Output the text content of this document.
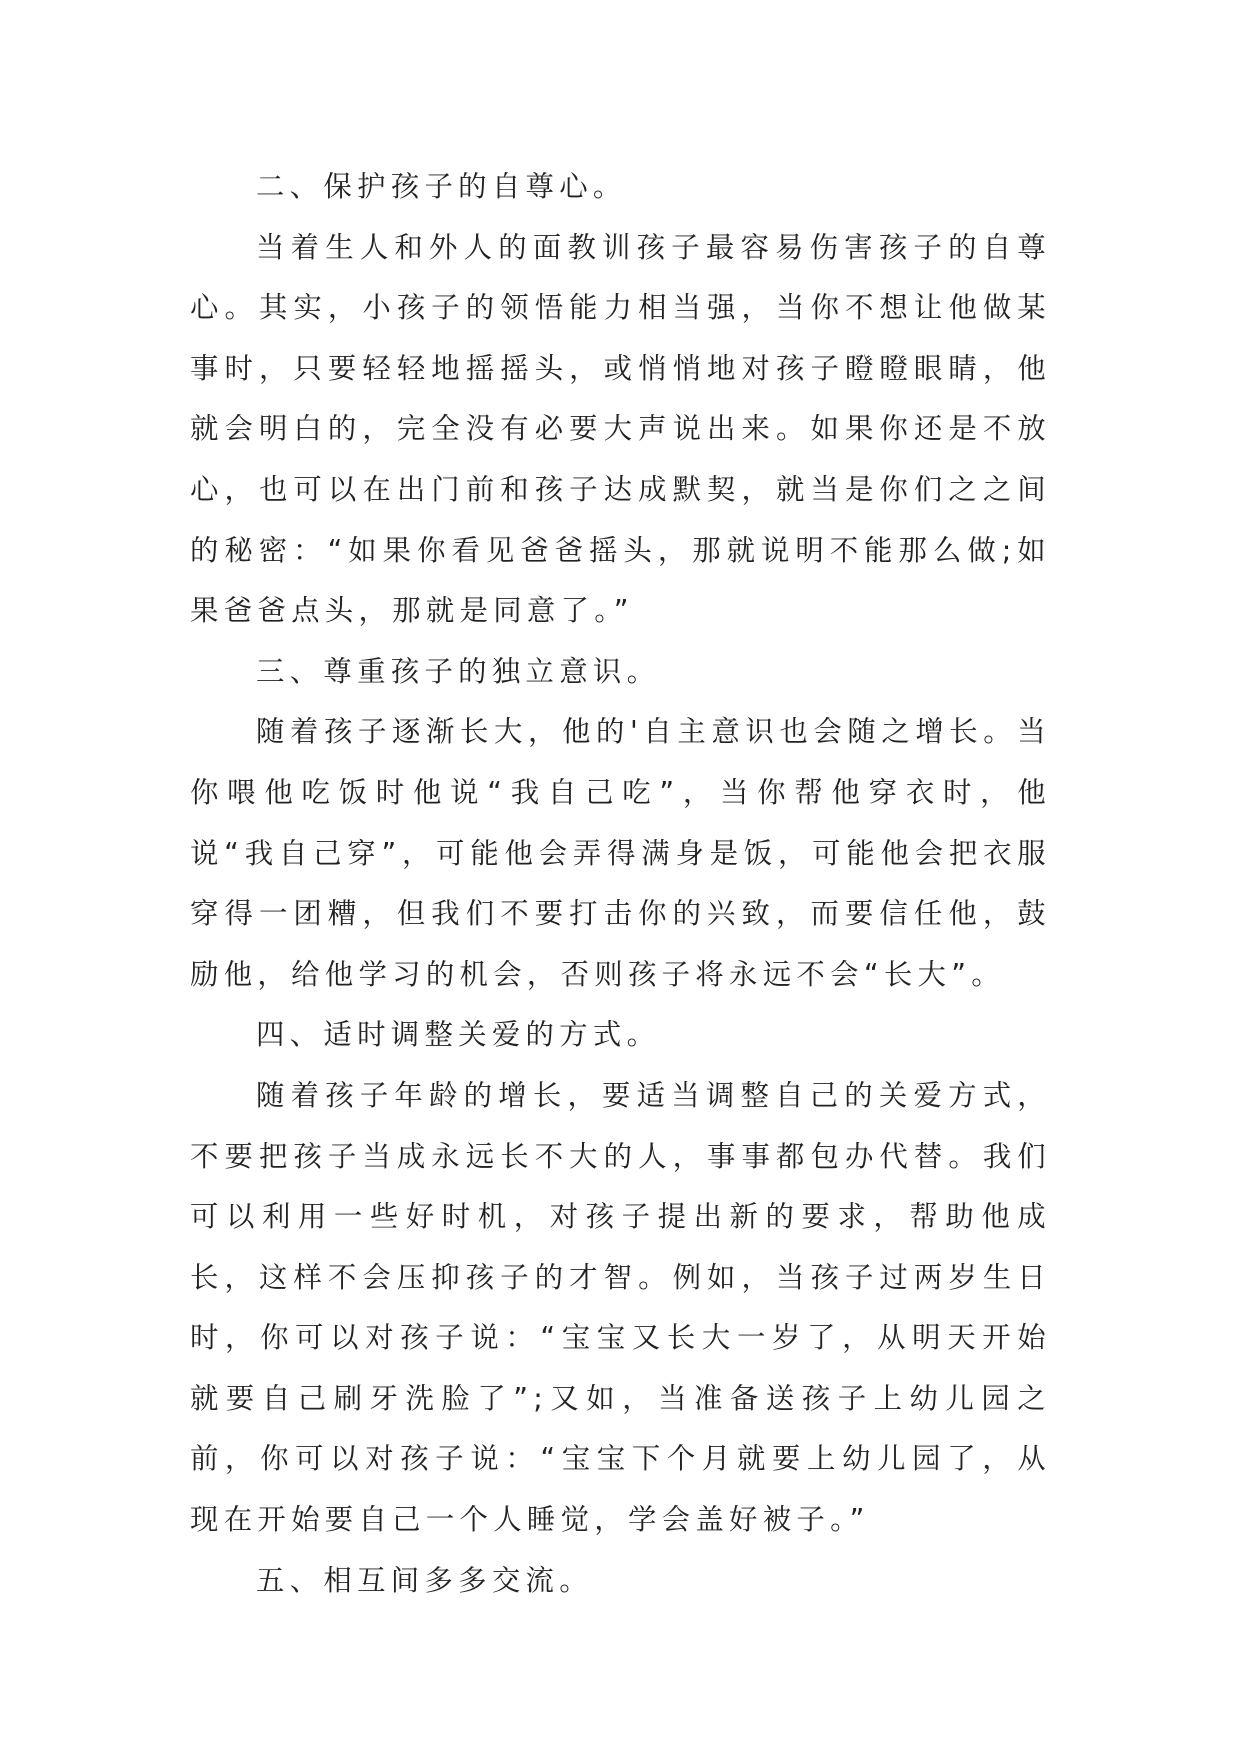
二、保护孩子的自尊心。

当着生人和外人的面教训孩子最容易伤害孩子的自尊心。其实，小孩子的领悟能力相当强，当你不想让他做某事时，只要轻轻地摇摇头，或悄悄地对孩子瞪瞪眼睛，他就会明白的，完全没有必要大声说出来。如果你还是不放心，也可以在出门前和孩子达成默契，就当是你们之之间的秘密：“如果你看见爸爸摇头，那就说明不能那么做;如果爸爸点头，那就是同意了。”

三、尊重孩子的独立意识。

随着孩子逐渐长大，他的'自主意识也会随之增长。当你喂他吃饭时他说“我自己吃”，当你帮他穿衣时，他说“我自己穿”，可能他会弄得满身是饭，可能他会把衣服穿得一团糟，但我们不要打击你的兴致，而要信任他，鼓励他，给他学习的机会，否则孩子将永远不会“长大”。

四、适时调整关爱的方式。

随着孩子年龄的增长，要适当调整自己的关爱方式，不要把孩子当成永远长不大的人，事事都包办代替。我们可以利用一些好时机，对孩子提出新的要求，帮助他成长，这样不会压抑孩子的才智。例如，当孩子过两岁生日时，你可以对孩子说：“宝宝又长大一岁了，从明天开始就要自己刷牙洗脸了”;又如，当准备送孩子上幼儿园之前，你可以对孩子说：“宝宝下个月就要上幼儿园了，从现在开始要自己一个人睡觉，学会盖好被子。”

五、相互间多多交流。
